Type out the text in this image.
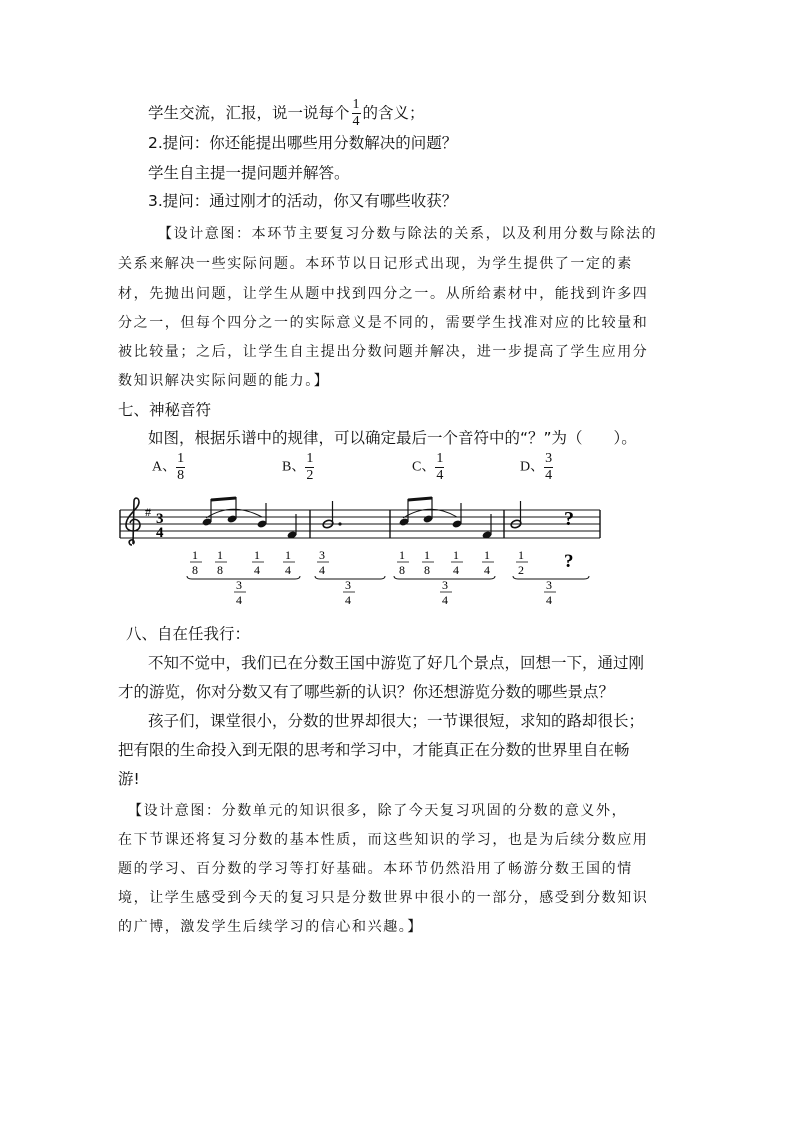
学生交流，汇报，说一说每个 $\frac{1}{4}$ 的含义；
2.提问：你还能提出哪些用分数解决的问题？
学生自主提一提问题并解答。
3.提问：通过刚才的活动，你又有哪些收获？
【设计意图：本环节主要复习分数与除法的关系，以及利用分数与除法的
关系来解决一些实际问题。本环节以日记形式出现，为学生提供了一定的素
材，先抛出问题，让学生从题中找到四分之一。从所给素材中，能找到许多四
分之一，但每个四分之一的实际意义是不同的，需要学生找准对应的比较量和
被比较量；之后，让学生自主提出分数问题并解决，进一步提高了学生应用分
数知识解决实际问题的能力。】
七、神秘音符
如图，根据乐谱中的规律，可以确定最后一个音符中的“？”为（　　）。
A、 $\frac{1}{8}$	B、 $\frac{1}{2}$	C、 $\frac{1}{4}$	D、 $\frac{3}{4}$
# 3
4
?
1
8
1
8
1
4
1
4
3
4
1
8
1
8
1
4
1
4
1
2 ?
3
4
3
4
3
4
3
4
八、自在任我行：
不知不觉中，我们已在分数王国中游览了好几个景点，回想一下，通过刚
才的游览，你对分数又有了哪些新的认识？你还想游览分数的哪些景点？
孩子们，课堂很小，分数的世界却很大；一节课很短，求知的路却很长；
把有限的生命投入到无限的思考和学习中，才能真正在分数的世界里自在畅
游!
【设计意图：分数单元的知识很多，除了今天复习巩固的分数的意义外，
在下节课还将复习分数的基本性质，而这些知识的学习，也是为后续分数应用
题的学习、百分数的学习等打好基础。本环节仍然沿用了畅游分数王国的情
境，让学生感受到今天的复习只是分数世界中很小的一部分，感受到分数知识
的广博，激发学生后续学习的信心和兴趣。】
